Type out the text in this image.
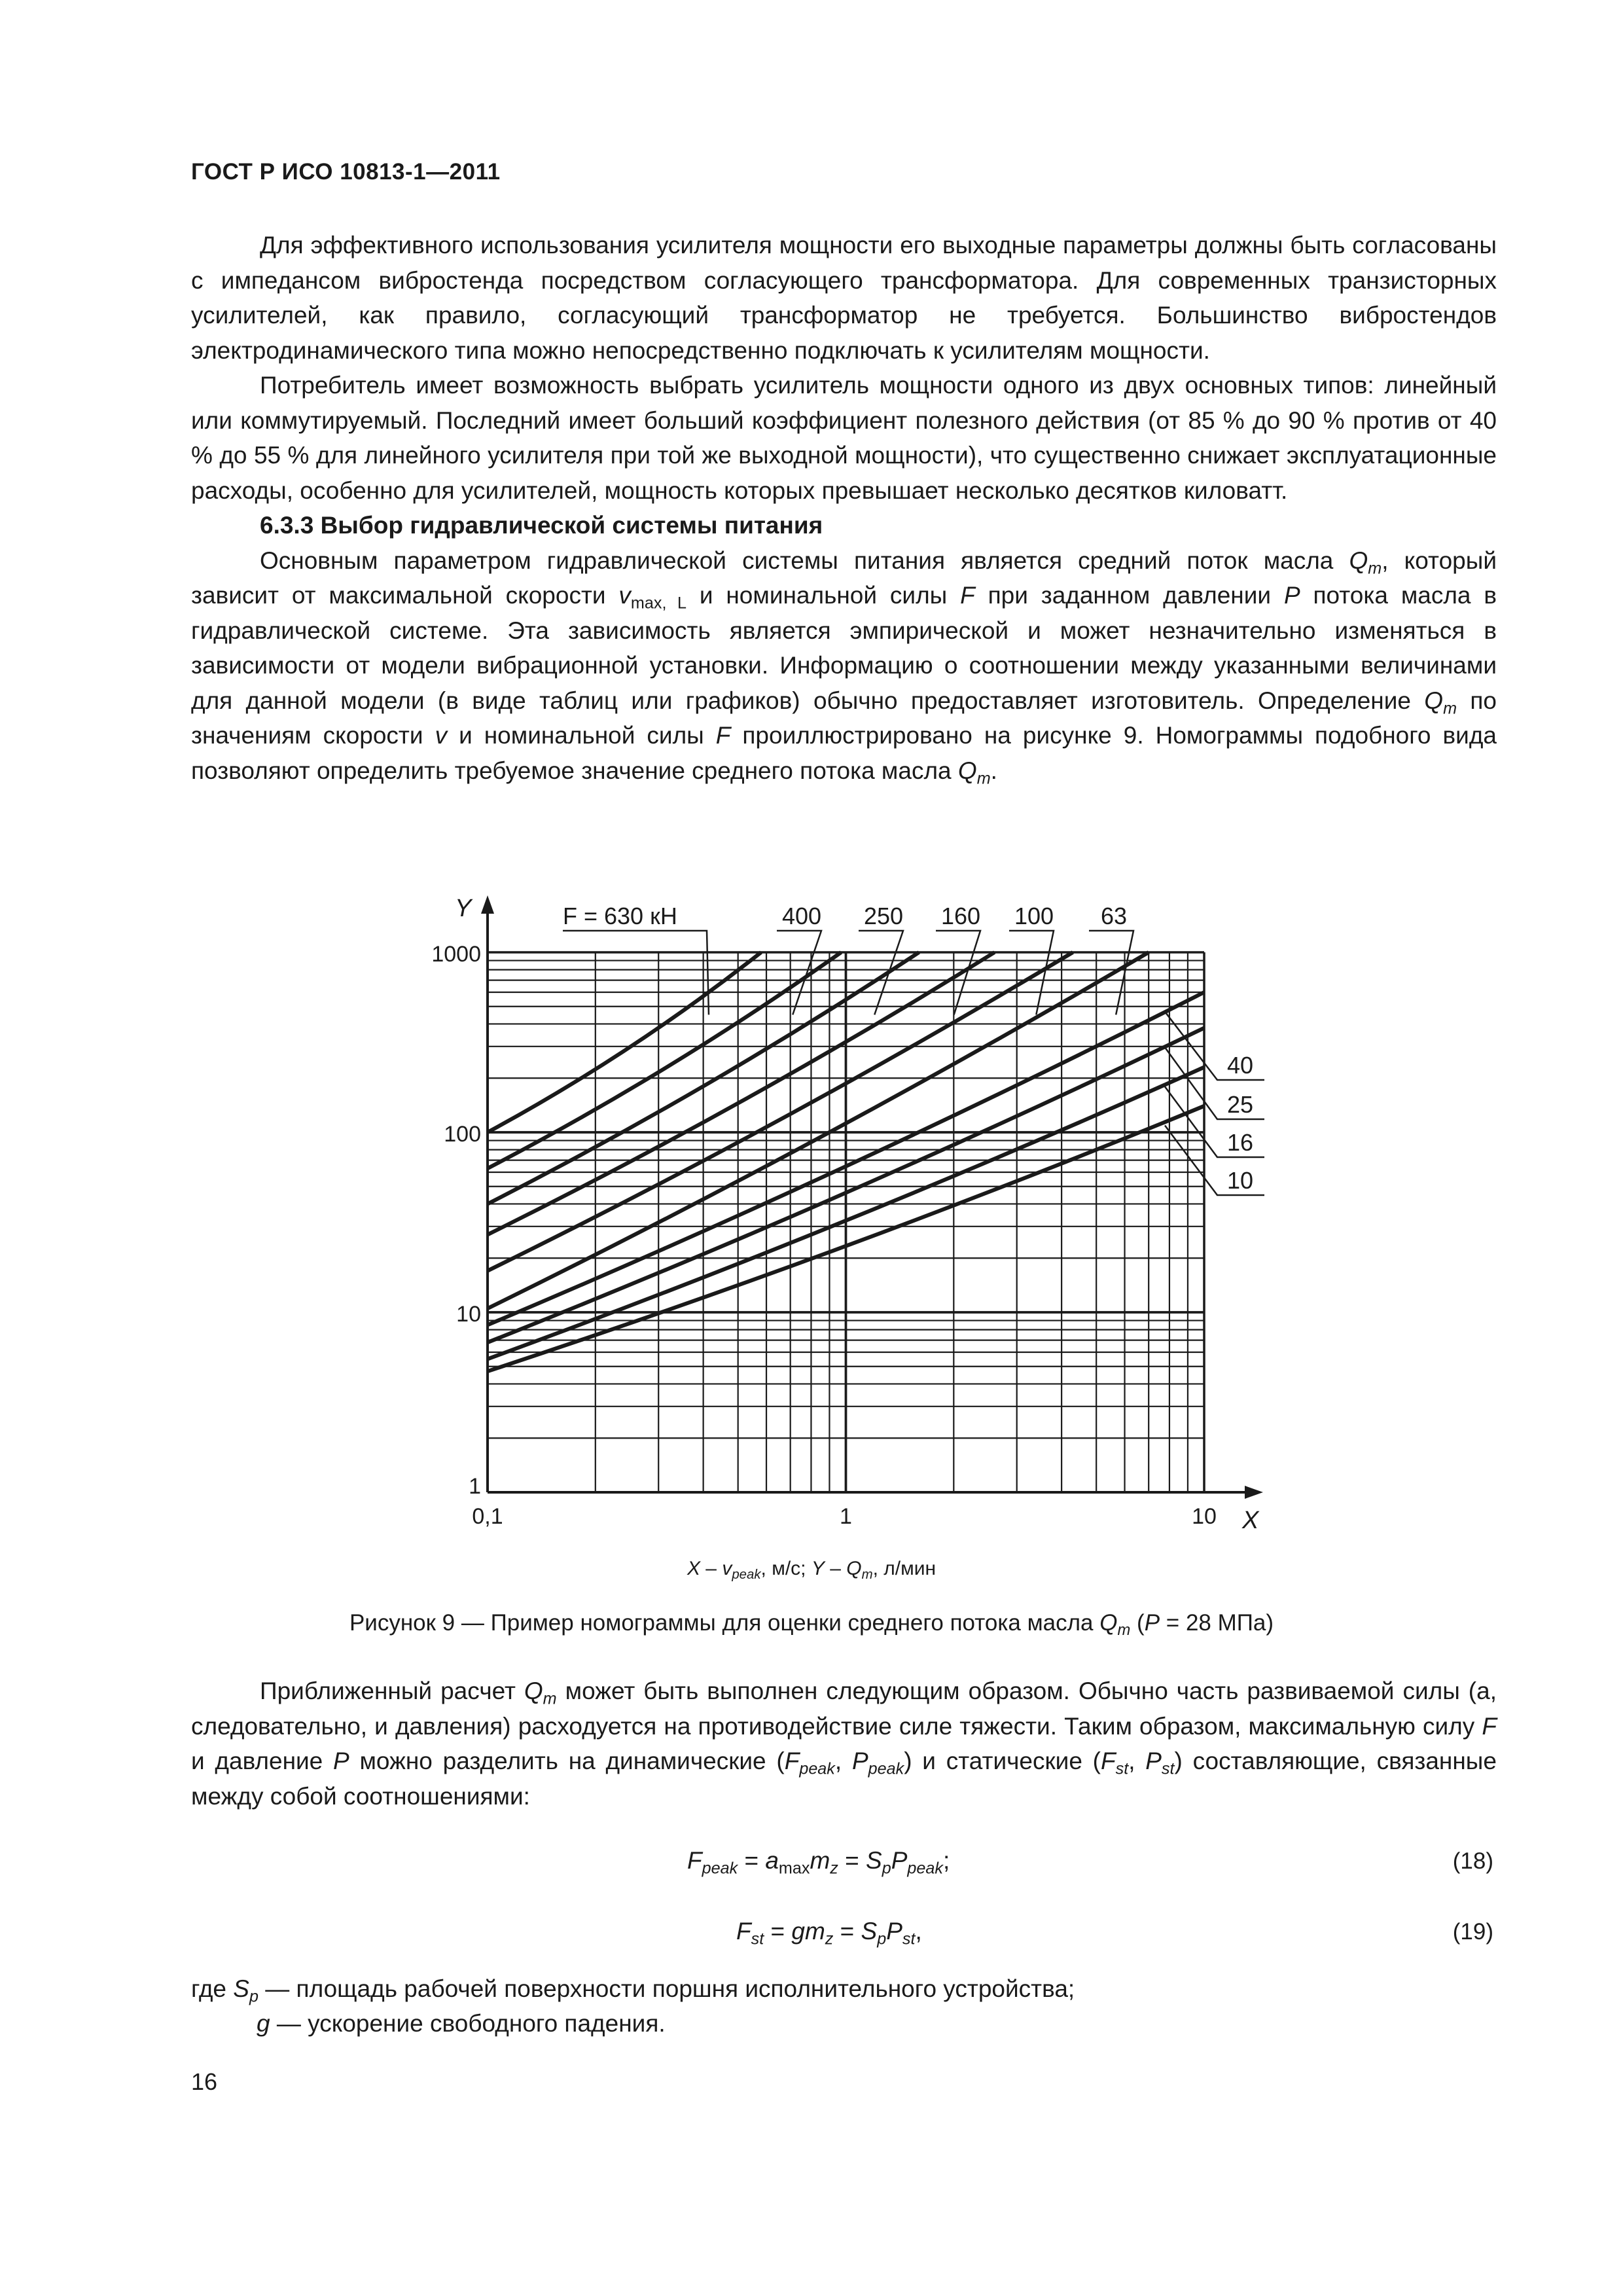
ГОСТ Р ИСО 10813-1—2011

Для эффективного использования усилителя мощности его выходные параметры должны быть согласованы с импедансом вибростенда посредством согласующего трансформатора. Для современных транзисторных усилителей, как правило, согласующий трансформатор не требуется. Большинство вибростендов электродинамического типа можно непосредственно подключать к усилителям мощности.

Потребитель имеет возможность выбрать усилитель мощности одного из двух основных типов: линейный или коммутируемый. Последний имеет больший коэффициент полезного действия (от 85 % до 90 % против от 40 % до 55 % для линейного усилителя при той же выходной мощности), что существенно снижает эксплуатационные расходы, особенно для усилителей, мощность которых превышает несколько десятков киловатт.

6.3.3 Выбор гидравлической системы питания

Основным параметром гидравлической системы питания является средний поток масла $Q_m$, который зависит от максимальной скорости $v_{max, L}$ и номинальной силы F при заданном давлении P потока масла в гидравлической системе. Эта зависимость является эмпирической и может незначительно изменяться в зависимости от модели вибрационной установки. Информацию о соотношении между указанными величинами для данной модели (в виде таблиц или графиков) обычно предоставляет изготовитель. Определение $Q_m$ по значениям скорости v и номинальной силы F проиллюстрировано на рисунке 9. Номограммы подобного вида позволяют определить требуемое значение среднего потока масла $Q_m$.

Y
X
1
10
100
1000
0,1	1	10
F = 630 кН	400 250 160 100 63
40
25
16
10
X – $v_{peak}$, м/с; Y – $Q_m$, л/мин
Рисунок 9 — Пример номограммы для оценки среднего потока масла $Q_m$ (P = 28 МПа)

Приближенный расчет $Q_m$ может быть выполнен следующим образом. Обычно часть развиваемой силы (а, следовательно, и давления) расходуется на противодействие силе тяжести. Таким образом, максимальную силу F и давление P можно разделить на динамические ($F_{peak}$, $P_{peak}$) и статические ($F_{st}$, $P_{st}$) составляющие, связанные между собой соотношениями:

$F_{peak} = a_{max}m_z = S_pP_{peak}$;	(18)
$F_{st} = gm_z = S_pP_{st}$,	(19)
где $S_p$ — площадь рабочей поверхности поршня исполнительного устройства;
g — ускорение свободного падения.
16
